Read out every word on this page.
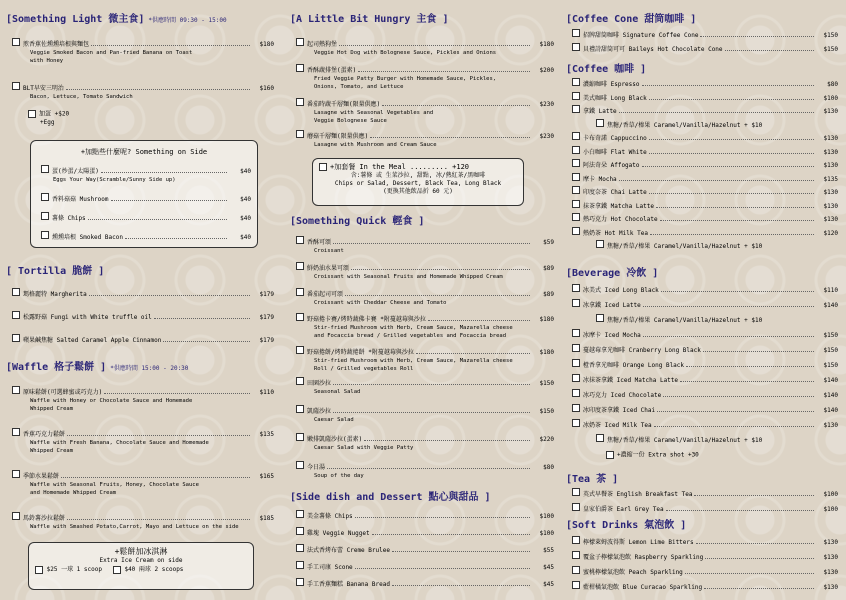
[Something Light 微主食] *供應時間 09:30 - 15:00
煎香蕉佐燻燻培根與麵包	$180
Veggie Smoked Bacon and Pan-fried Banana on Toast
with Honey
BLT早安三明治	$160
Bacon, Lettuce, Tomato Sandwich
加蛋 +$20
+Egg
+加點些什麼呢? Something on Side
蛋(炒蛋/太陽蛋)	$40
Eggs Your Way(Scramble/Sunny Side up)
香料菇菇 Mushroom	$40
薯條 Chips	$40
燻燻培根 Smoked Bacon	$40
[ Tortilla 脆餅 ]
瑪格麗特 Margherita	$179
松露野菇 Fungi with White truffle oil	$179
蘋果鹹焦糖 Salted Caramel Apple Cinnamon	$179
[Waffle 格子鬆餅 ] *供應時間 15:00 - 20:30
原味鬆餅(可選蜂蜜或巧克力)	$110
Waffle with Honey or Chocolate Sauce and Homemade
Whipped Cream
香蕉巧克力鬆餅	$135
Waffle with Fresh Banana, Chocolate Sauce and Homemade
Whipped Cream
季節水果鬆餅	$165
Waffle with Seasonal Fruits, Honey, Chocolate Sauce
and Homemade Whipped Cream
馬鈴薯沙拉鬆餅	$185
Waffle with Smashed Potato,Carrot, Mayo and Lettuce on the side
+鬆餅加冰淇淋
Extra Ice Cream on side
$25 一球 1 scoop	$40 兩球 2 scoops
[A Little Bit Hungry 主食 ]
起司熱狗堡	$180
Veggie Hot Dog with Bolognese Sauce, Pickles and Onions
香酥蔬排堡(蛋素)	$200
Fried Veggie Patty Burger with Homemade Sauce, Pickles,
Onions, Tomato, and Lettuce
番茄時蔬千層麵(限量供應)	$230
Lasagne with Seasonal Vegetables and
Veggie Bolognese Sauce
蘑菇千層麵(限量供應)	$230
Lasagne with Mushroom and Cream Sauce
+加套餐 In the Meal ......... +120
含:薯條 或 生菜沙拉, 甜點, 冰/熱紅茶/黑咖啡
Chips or Salad, Dessert, Black Tea, Long Black
(更換其他飲品折 60 元)
[Something Quick 輕食 ]
香酥可頌	$59
Croissant
鮮奶油水果可頌	$89
Croissant with Seasonal Fruits and Homemade Whipped Cream
番茄起司可頌	$89
Croissant with Cheddar Cheese and Tomato
野菇捲卡賽/烤時蔬佛卡賽 *附蔓越莓與沙拉	$180
Stir-fried Mushroom with Herb, Cream Sauce, Mazarella cheese
and Focaccia bread / Grilled vegetables and Focaccia bread
野菇捲餅/烤時蔬捲餅 *附蔓越莓與沙拉	$180
Stir-fried Mushroom with Herb, Cream Sauce, Mazarella cheese
Roll / Grilled vegetables Roll
田園沙拉	$150
Seasonal Salad
凱薩沙拉	$150
Caesar Salad
嫩排凱薩沙拉(蛋素)	$220
Caesar Salad with Veggie Patty
今日湯	$80
Soup of the day
[Side dish and Dessert 點心與甜品 ]
美金薯條 Chips	$100
雞塊 Veggie Nugget	$100
法式香烤布蕾 Creme Brulee	$55
手工司康 Scone	$45
手工香蕉麵糕 Banana Bread	$45
[Coffee Cone 甜筒咖啡 ]
招牌甜筒咖啡 Signature Coffee Cone	$150
貝禮詩甜筒可可 Baileys Hot Chocolate Cone	$150
[Coffee 咖啡 ]
濃縮咖啡 Espresso	$80
美式咖啡 Long Black	$100
拿鐵 Latte	$130
焦糖/香草/榛果 Caramel/Vanilla/Hazelnut + $10
卡布奇諾 Cappuccino	$130
小白咖啡 Flat White	$130
阿法奇朵 Affogato	$130
摩卡 Mocha	$135
印度奈茶 Chai Latte	$130
抹茶拿鐵 Matcha Latte	$130
熱巧克力 Hot Chocolate	$130
熱奶茶 Hot Milk Tea	$120
焦糖/香草/榛果 Caramel/Vanilla/Hazelnut + $10
[Beverage 冷飲 ]
冰美式 Iced Long Black	$110
冰拿鐵 Iced Latte	$140
焦糖/香草/榛果 Caramel/Vanilla/Hazelnut + $10
冰摩卡 Iced Mocha	$150
蔓越莓拿光咖啡 Cranberry Long Black	$150
橙香拿光咖啡 Orange Long Black	$150
冰抹茶拿鐵 Iced Matcha Latte	$140
冰巧克力 Iced Chocolate	$140
冰印度茶拿鐵 Iced Chai	$140
冰奶茶 Iced Milk Tea	$130
焦糖/香草/榛果 Caramel/Vanilla/Hazelnut + $10
+濃縮一份 Extra shot +30
[Tea 茶 ]
英式早餐茶 English Breakfast Tea	$100
皇家伯爵茶 Earl Grey Tea	$100
[Soft Drinks 氣泡飲 ]
檸檬萊姆波得斯 Lemon Lime Bitters	$130
覆盆子檸檬氣泡飲 Raspberry Sparkling	$130
蜜桃檸檬氣泡飲 Peach Sparkling	$130
藍柑橘氣泡飲 Blue Curacao Sparkling	$130
